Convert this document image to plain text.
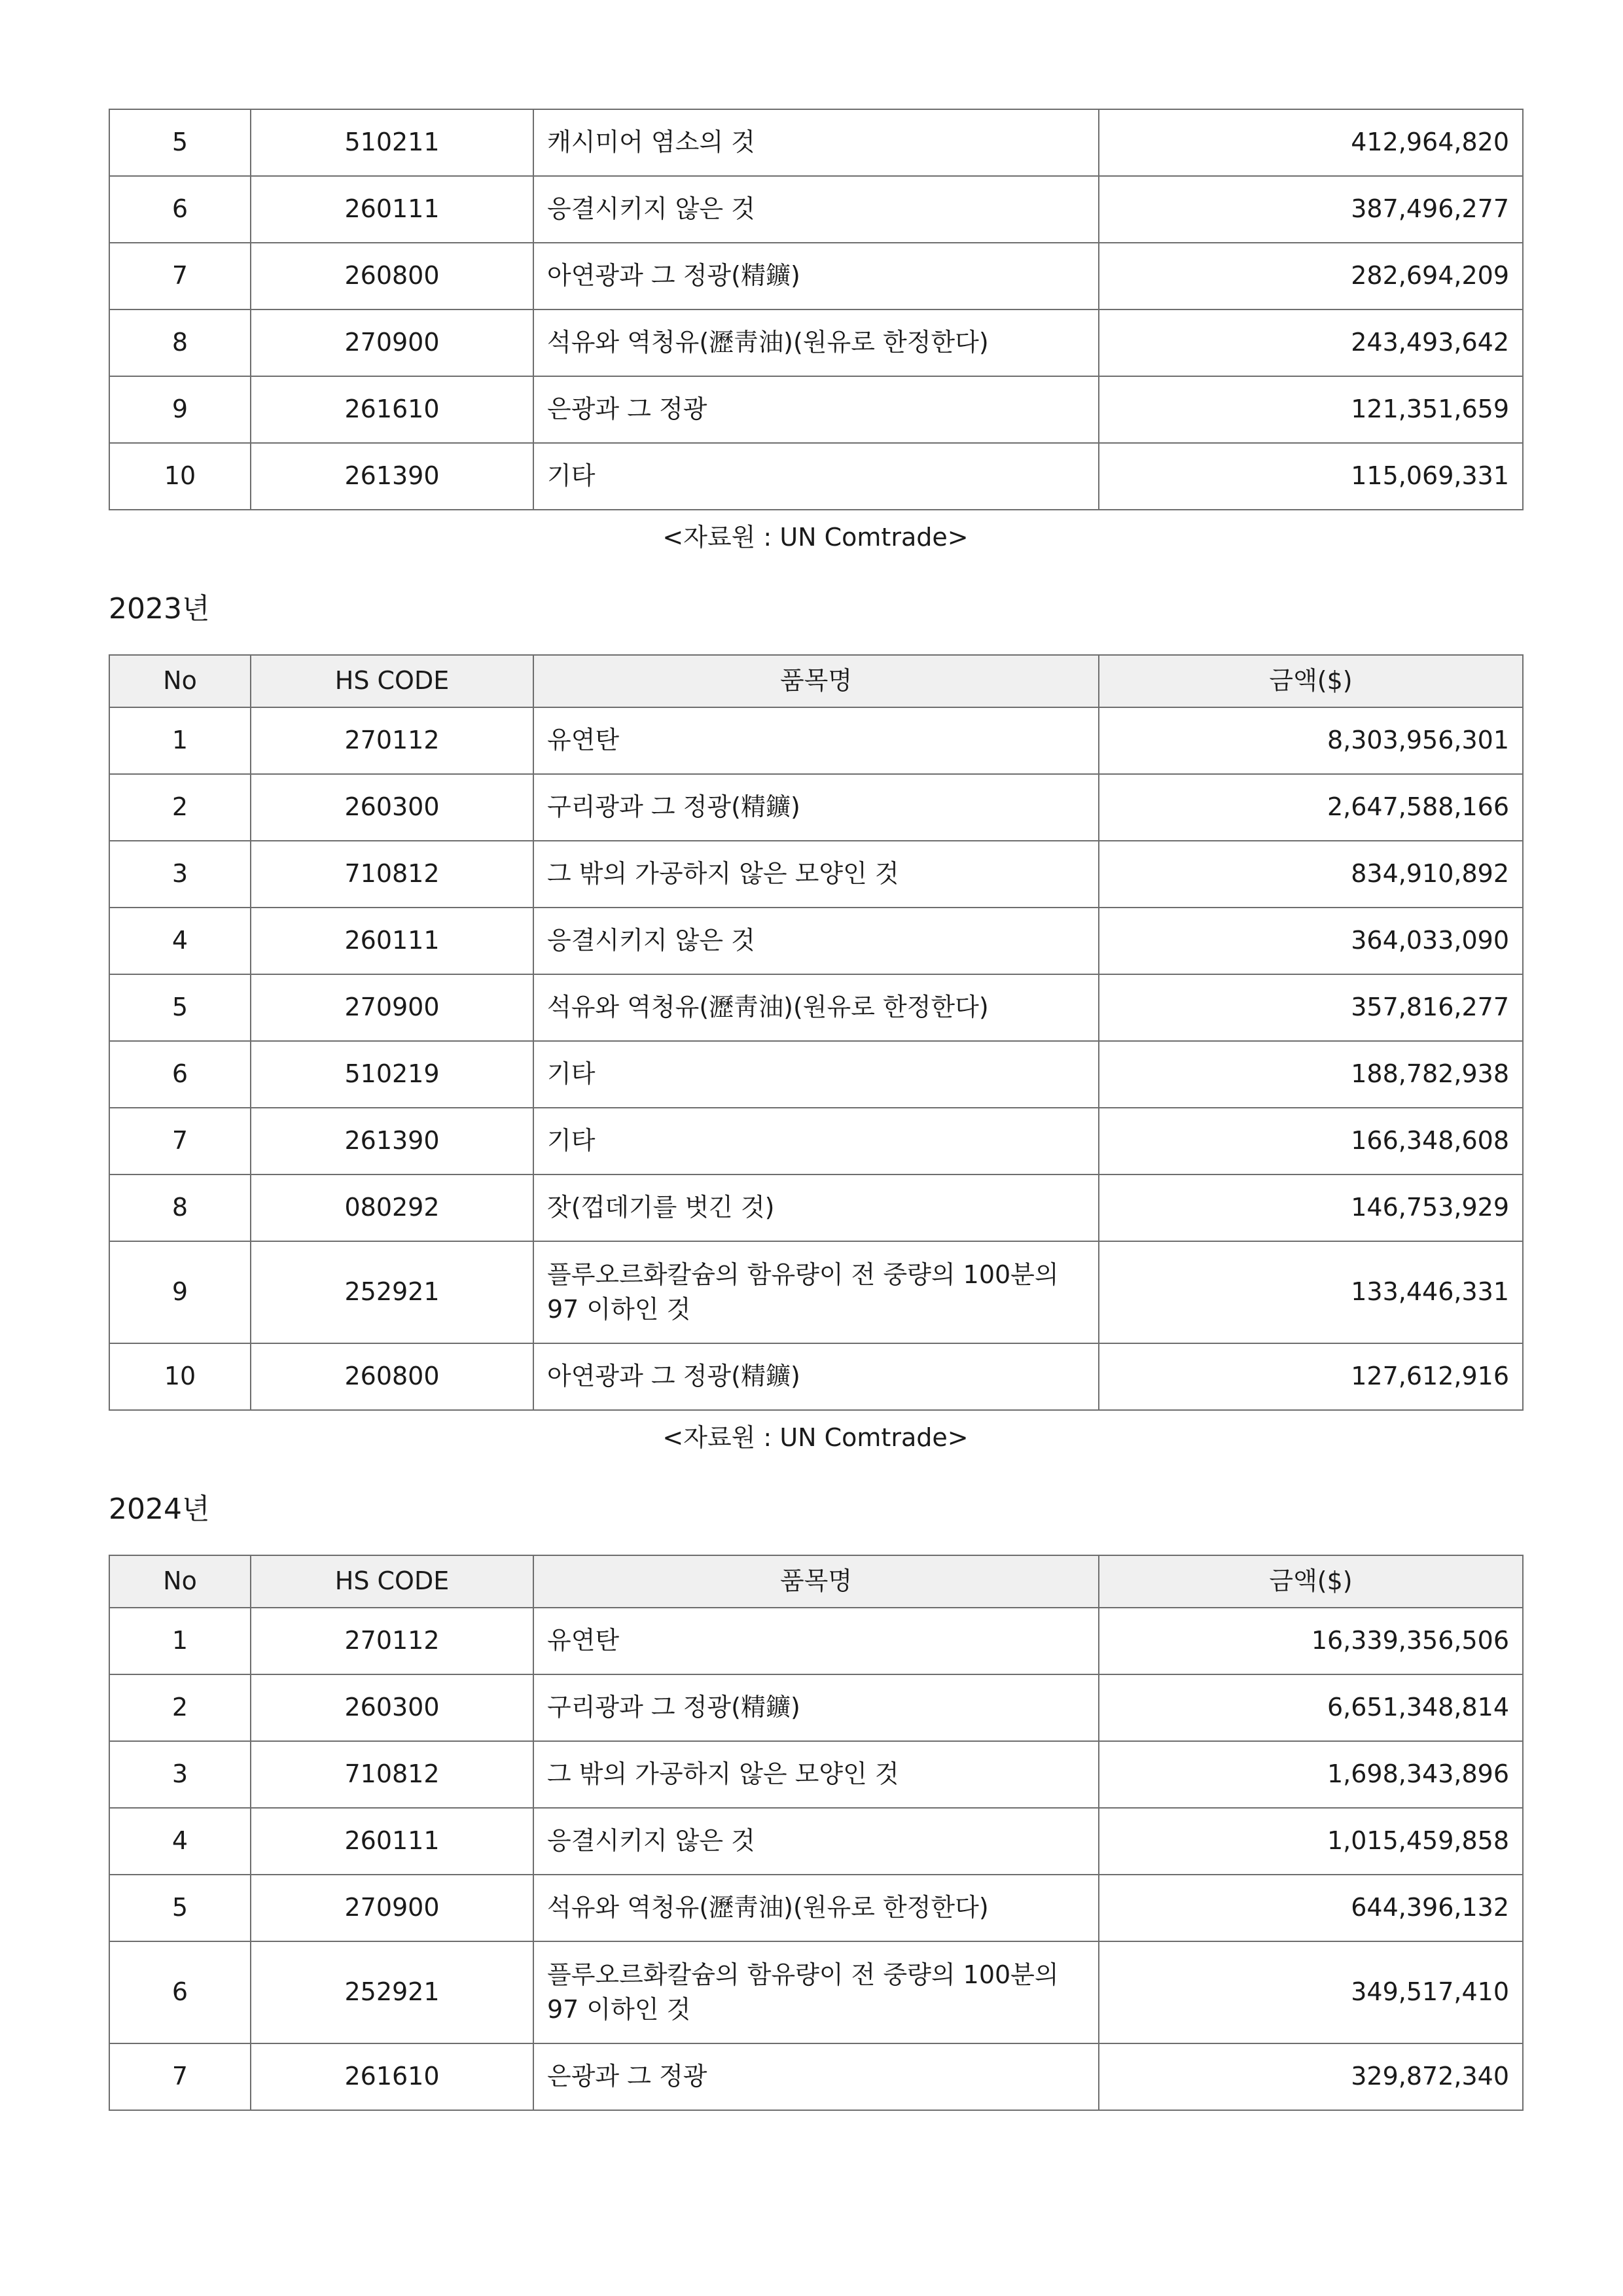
5	510211	캐시미어 염소의 것	412,964,820
6	260111	응결시키지 않은 것	387,496,277
7	260800	아연광과 그 정광(精鑛)	282,694,209
8	270900	석유와 역청유(瀝靑油)(원유로 한정한다)	243,493,642
9	261610	은광과 그 정광	121,351,659
10	261390	기타	115,069,331
<자료원 : UN Comtrade>
2023년
No	HS CODE	품목명	금액($)
1	270112	유연탄	8,303,956,301
2	260300	구리광과 그 정광(精鑛)	2,647,588,166
3	710812	그 밖의 가공하지 않은 모양인 것	834,910,892
4	260111	응결시키지 않은 것	364,033,090
5	270900	석유와 역청유(瀝靑油)(원유로 한정한다)	357,816,277
6	510219	기타	188,782,938
7	261390	기타	166,348,608
8	080292	잣(껍데기를 벗긴 것)	146,753,929
9	252921	플루오르화칼슘의 함유량이 전 중량의 100분의 97 이하인 것	133,446,331
10	260800	아연광과 그 정광(精鑛)	127,612,916
<자료원 : UN Comtrade>
2024년
No	HS CODE	품목명	금액($)
1	270112	유연탄	16,339,356,506
2	260300	구리광과 그 정광(精鑛)	6,651,348,814
3	710812	그 밖의 가공하지 않은 모양인 것	1,698,343,896
4	260111	응결시키지 않은 것	1,015,459,858
5	270900	석유와 역청유(瀝靑油)(원유로 한정한다)	644,396,132
6	252921	플루오르화칼슘의 함유량이 전 중량의 100분의 97 이하인 것	349,517,410
7	261610	은광과 그 정광	329,872,340
